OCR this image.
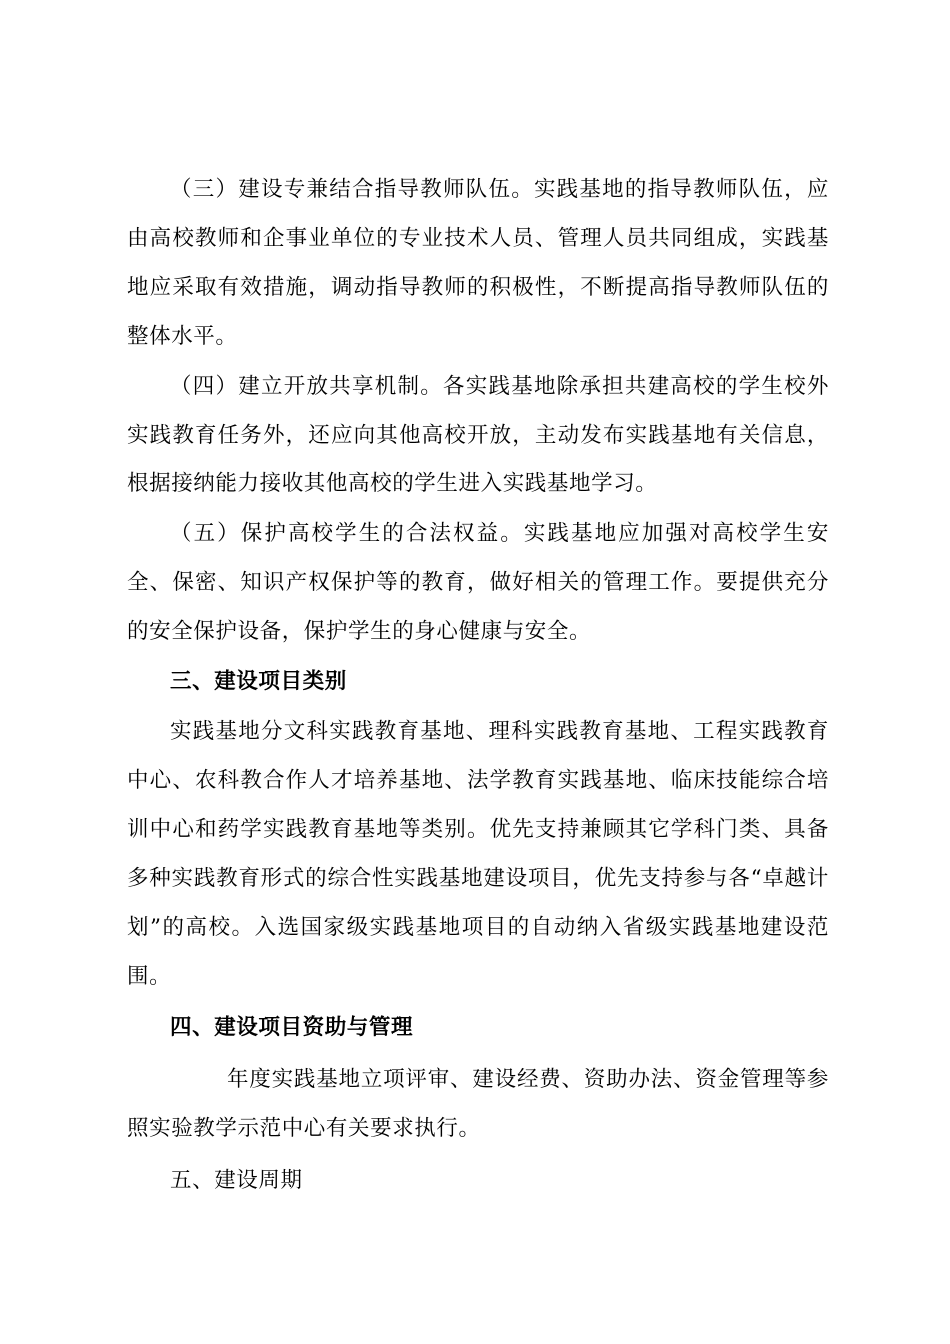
（三）建设专兼结合指导教师队伍。实践基地的指导教师队伍，应由高校教师和企事业单位的专业技术人员、管理人员共同组成，实践基地应采取有效措施，调动指导教师的积极性，不断提高指导教师队伍的整体水平。

（四）建立开放共享机制。各实践基地除承担共建高校的学生校外实践教育任务外，还应向其他高校开放，主动发布实践基地有关信息，根据接纳能力接收其他高校的学生进入实践基地学习。

（五）保护高校学生的合法权益。实践基地应加强对高校学生安全、保密、知识产权保护等的教育，做好相关的管理工作。要提供充分的安全保护设备，保护学生的身心健康与安全。

三、建设项目类别

实践基地分文科实践教育基地、理科实践教育基地、工程实践教育中心、农科教合作人才培养基地、法学教育实践基地、临床技能综合培训中心和药学实践教育基地等类别。优先支持兼顾其它学科门类、具备多种实践教育形式的综合性实践基地建设项目，优先支持参与各“卓越计划”的高校。入选国家级实践基地项目的自动纳入省级实践基地建设范围。

四、建设项目资助与管理

年度实践基地立项评审、建设经费、资助办法、资金管理等参照实验教学示范中心有关要求执行。

五、建设周期
